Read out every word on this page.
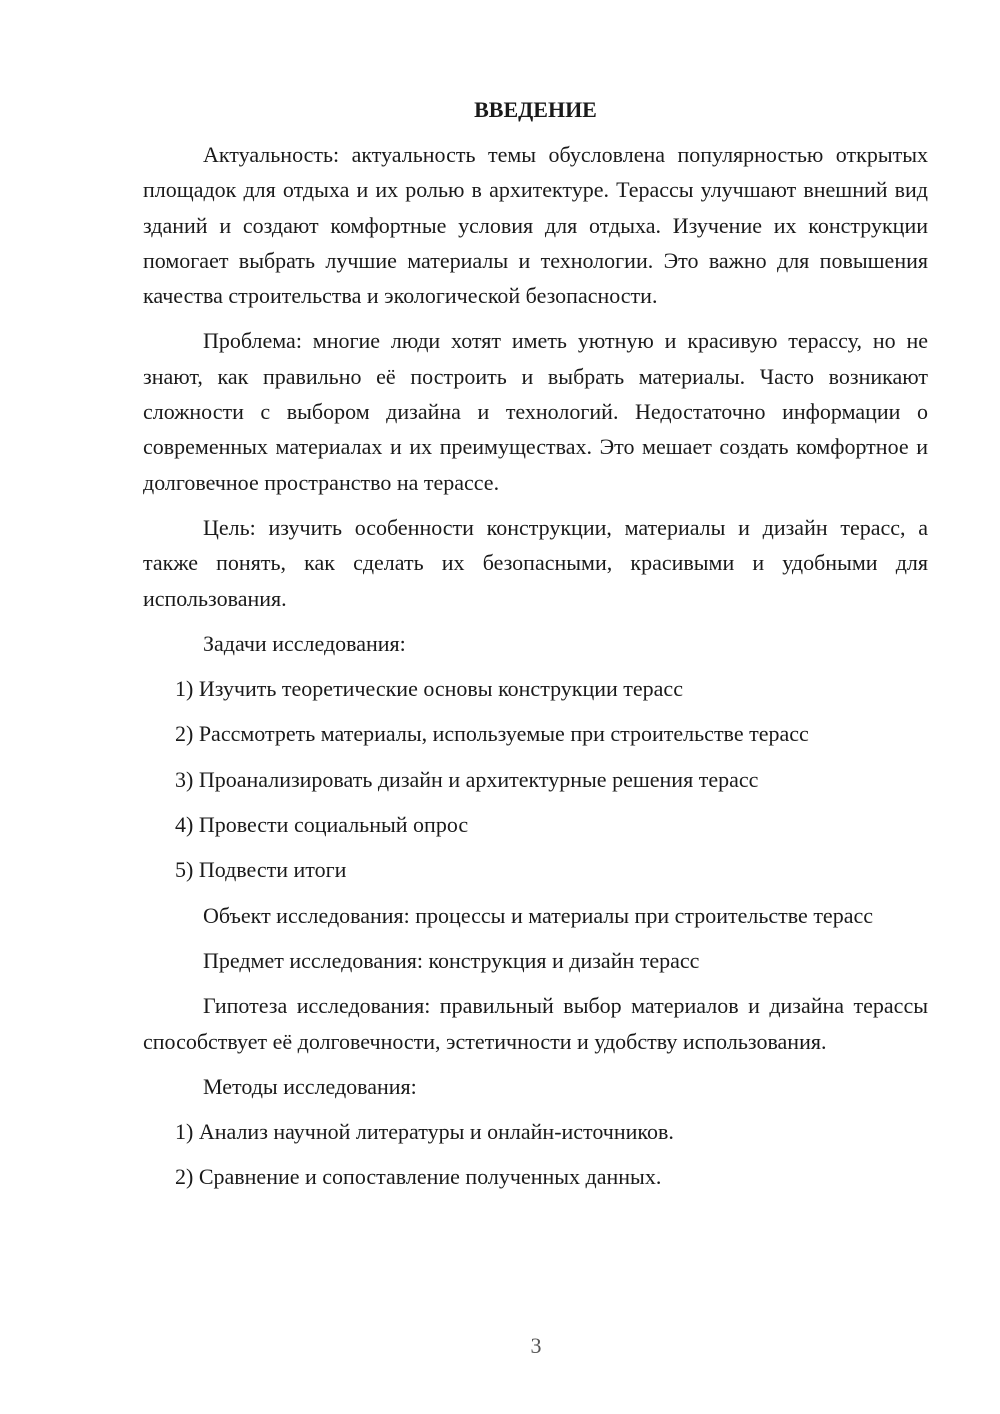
ВВЕДЕНИЕ

Актуальность: актуальность темы обусловлена популярностью открытых площадок для отдыха и их ролью в архитектуре. Терассы улучшают внешний вид зданий и создают комфортные условия для отдыха. Изучение их конструкции помогает выбрать лучшие материалы и технологии. Это важно для повышения качества строительства и экологической безопасности.

Проблема: многие люди хотят иметь уютную и красивую терассу, но не знают, как правильно её построить и выбрать материалы. Часто возникают сложности с выбором дизайна и технологий. Недостаточно информации о современных материалах и их преимуществах. Это мешает создать комфортное и долговечное пространство на терассе.

Цель: изучить особенности конструкции, материалы и дизайн терасс, а также понять, как сделать их безопасными, красивыми и удобными для использования.

Задачи исследования:

1) Изучить теоретические основы конструкции терасс
2) Рассмотреть материалы, используемые при строительстве терасс
3) Проанализировать дизайн и архитектурные решения терасс
4) Провести социальный опрос
5) Подвести итоги

Объект исследования: процессы и материалы при строительстве терасс

Предмет исследования: конструкция и дизайн терасс

Гипотеза исследования: правильный выбор материалов и дизайна терассы способствует её долговечности, эстетичности и удобству использования.

Методы исследования:

1) Анализ научной литературы и онлайн-источников.
2) Сравнение и сопоставление полученных данных.
3
